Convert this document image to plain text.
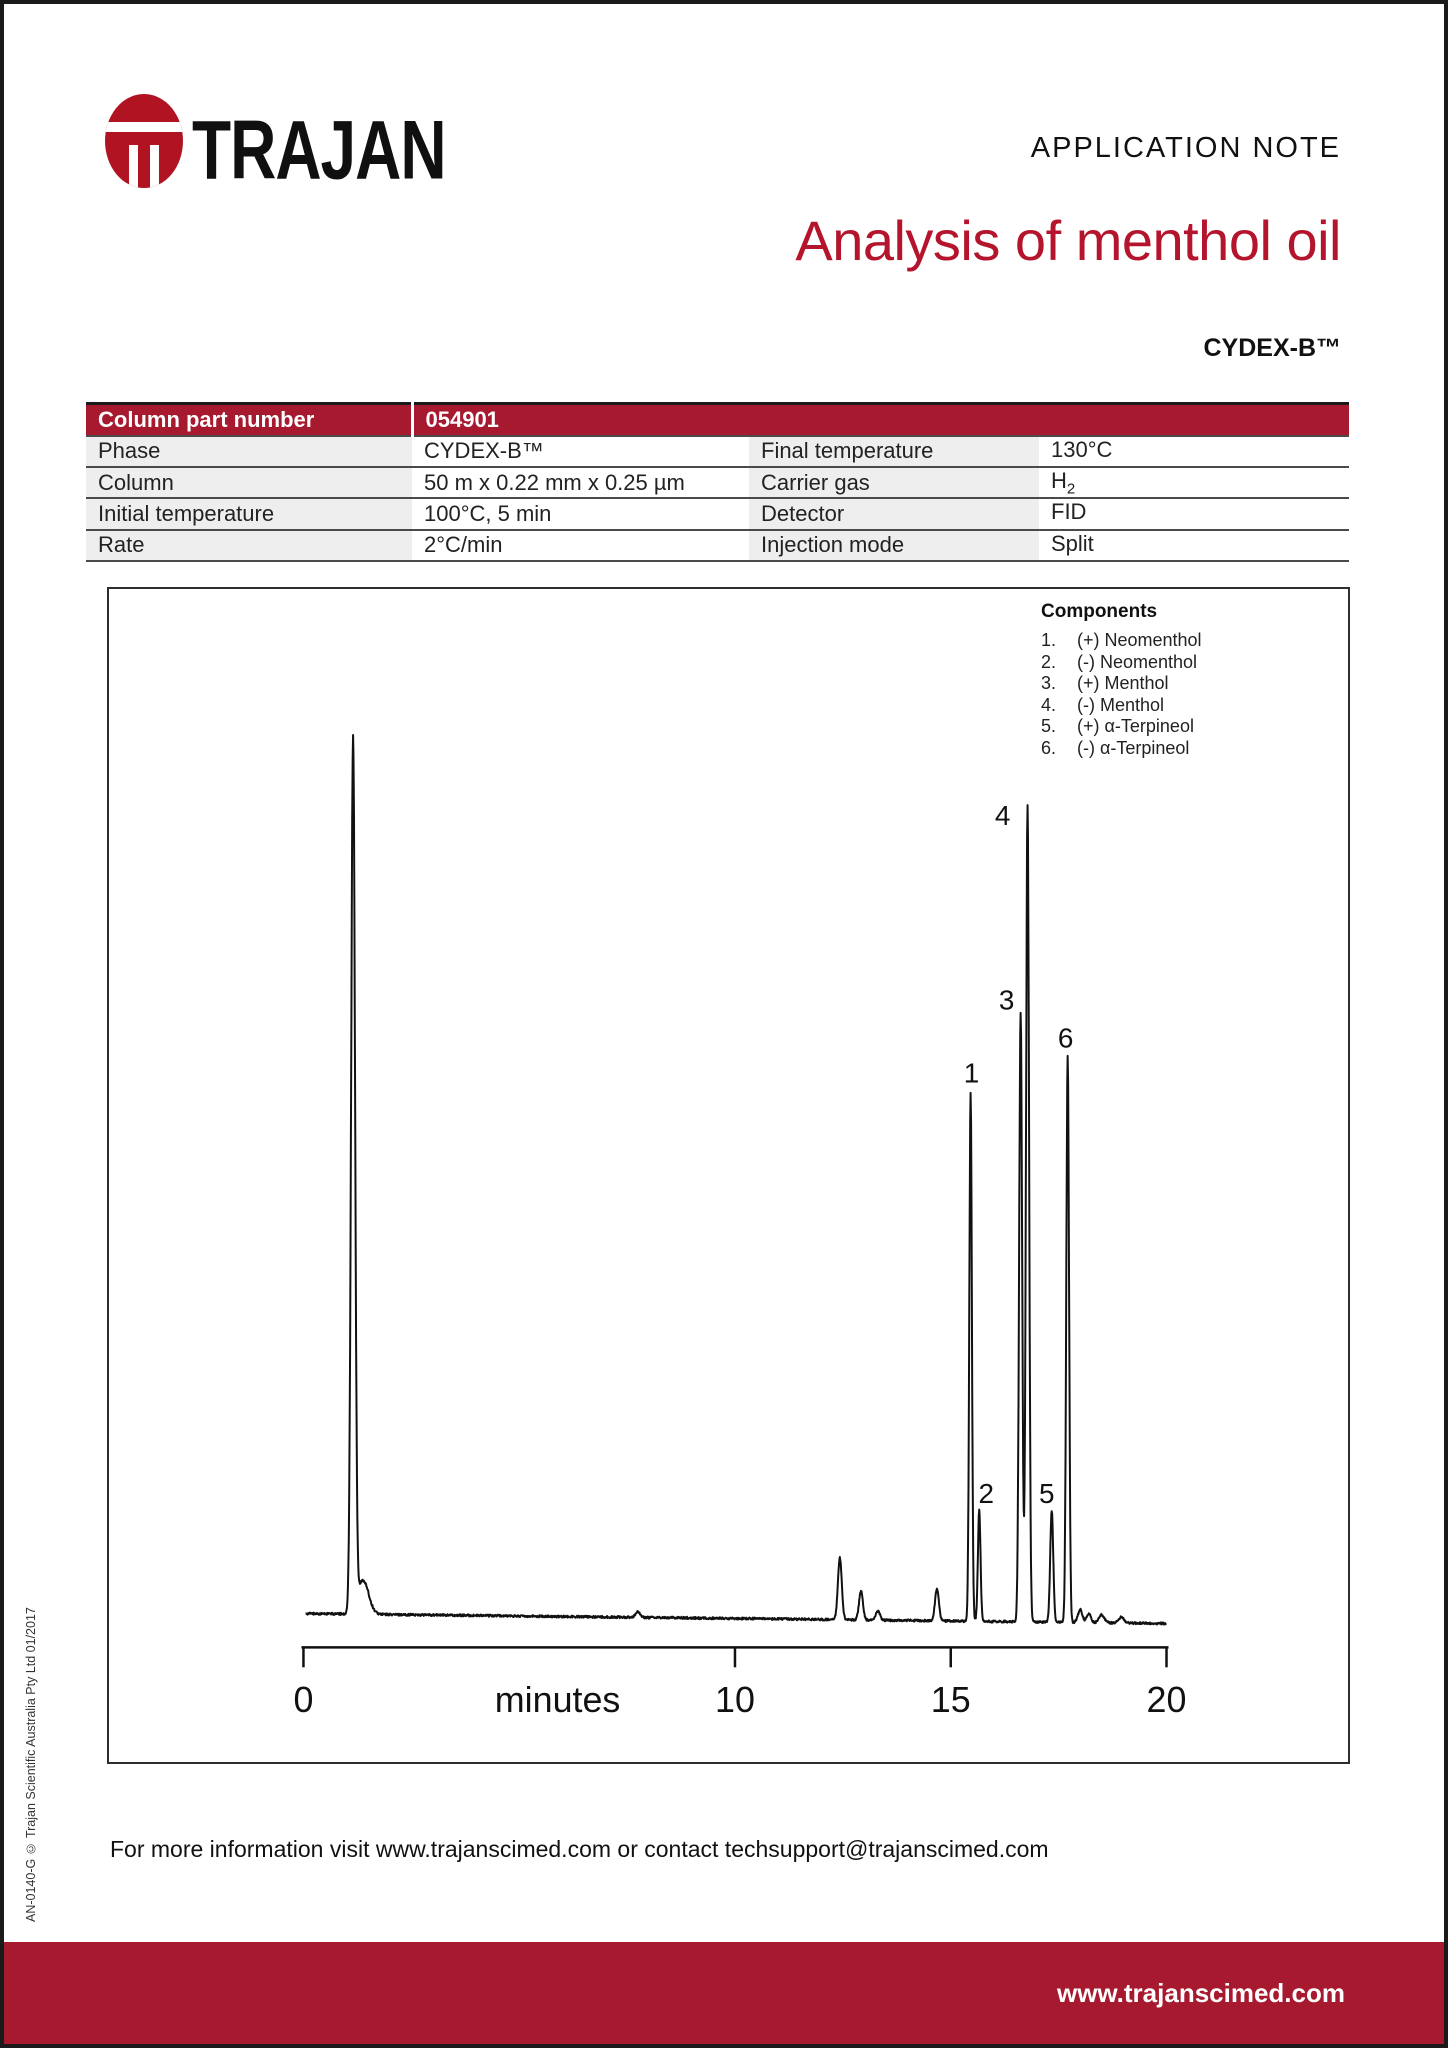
TRAJAN	APPLICATION NOTE
Analysis of menthol oil
CYDEX-B™
Column part number	054901		
Phase	CYDEX-B™	Final temperature	130°C
Column	50 m x 0.22 mm x 0.25 µm	Carrier gas	$H_2$
Initial temperature	100°C, 5 min	Detector	FID
Rate	2°C/min	Injection mode	Split
0	10	15	20
minutes
1
2
3
4
5
6
Components
1.	(+) Neomenthol
2.	(-) Neomenthol
3.	(+) Menthol
4.	(-) Menthol
5.	(+) α-Terpineol
6.	(-) α-Terpineol
AN-0140-G © Trajan Scientific Australia Pty Ltd 01/2017	For more information visit www.trajanscimed.com or contact techsupport@trajanscimed.com
www.trajanscimed.com
